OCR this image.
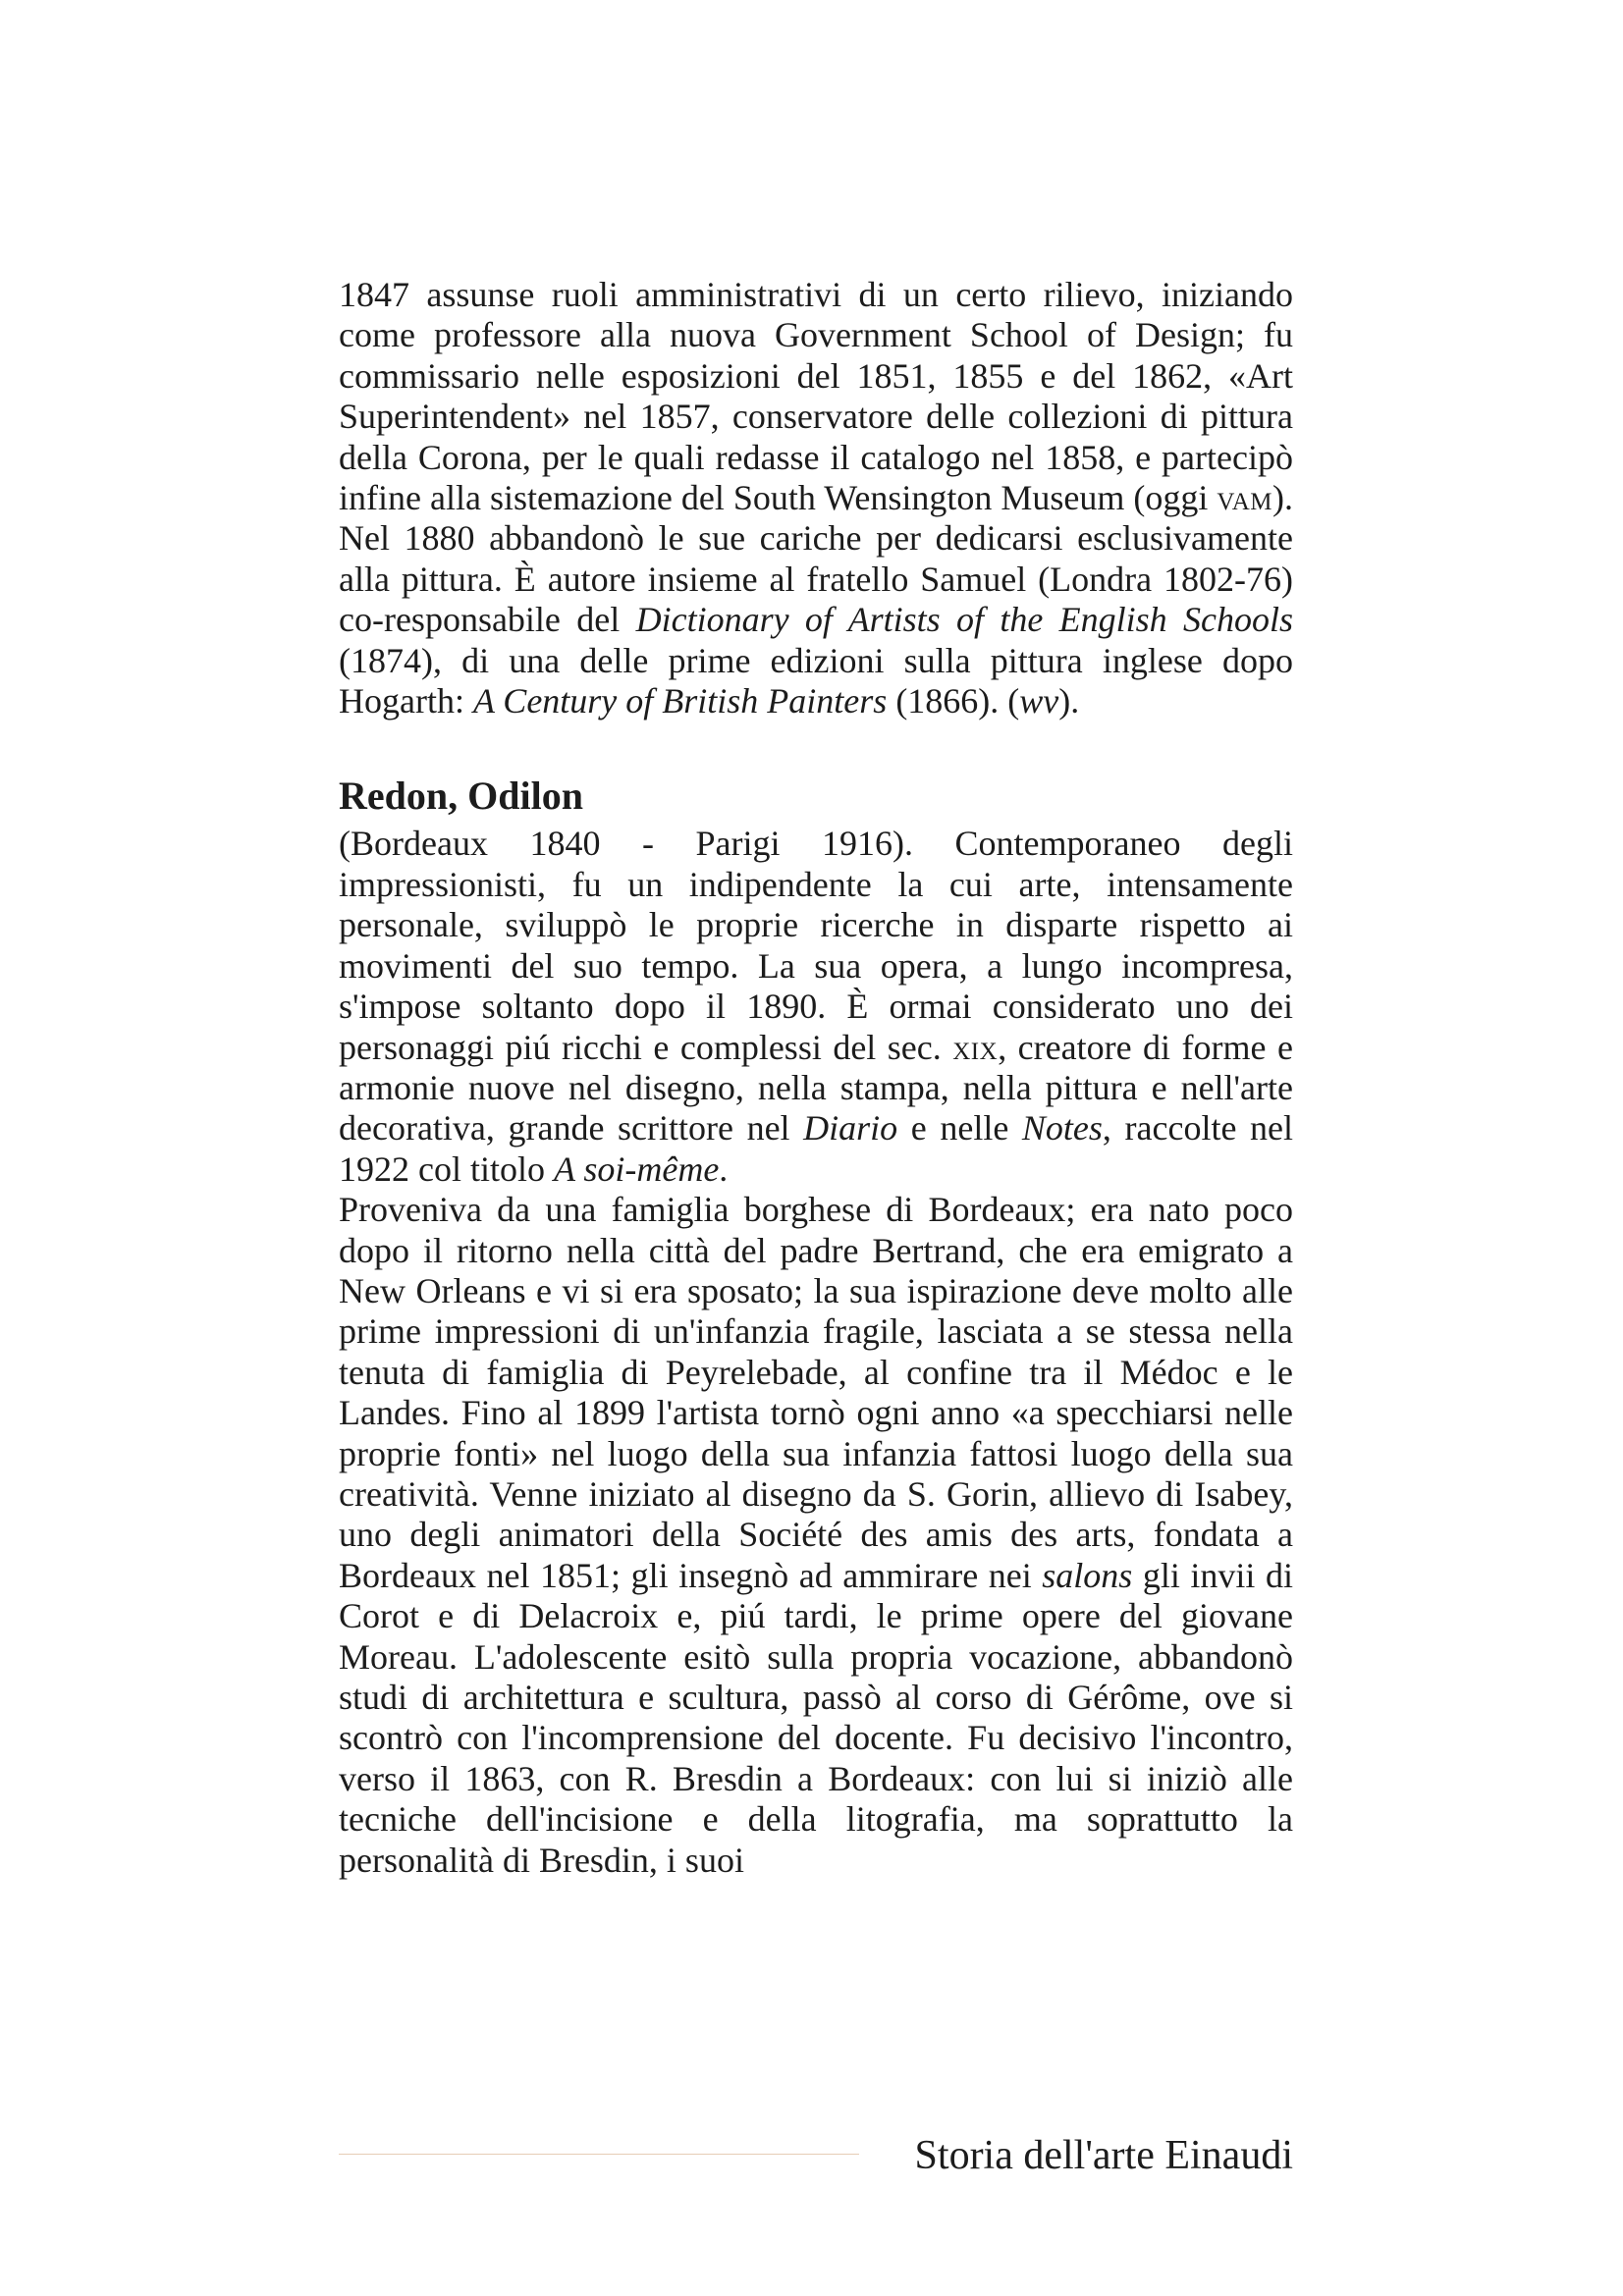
1847 assunse ruoli amministrativi di un certo rilievo, iniziando come professore alla nuova Government School of Design; fu commissario nelle esposizioni del 1851, 1855 e del 1862, «Art Superintendent» nel 1857, conservatore delle collezioni di pittura della Corona, per le quali redasse il catalogo nel 1858, e partecipò infine alla sistemazione del South Wensington Museum (oggi vam). Nel 1880 abbandonò le sue cariche per dedicarsi esclusivamente alla pittura. È autore insieme al fratello Samuel (Londra 1802-76) co-responsabile del Dictionary of Artists of the English Schools (1874), di una delle prime edizioni sulla pittura inglese dopo Hogarth: A Century of British Painters (1866). (wv).

Redon, Odilon

(Bordeaux 1840 - Parigi 1916). Contemporaneo degli impressionisti, fu un indipendente la cui arte, intensamente personale, sviluppò le proprie ricerche in disparte rispetto ai movimenti del suo tempo. La sua opera, a lungo incompresa, s'impose soltanto dopo il 1890. È ormai considerato uno dei personaggi piú ricchi e complessi del sec. xix, creatore di forme e armonie nuove nel disegno, nella stampa, nella pittura e nell'arte decorativa, grande scrittore nel Diario e nelle Notes, raccolte nel 1922 col titolo A soi-même.

Proveniva da una famiglia borghese di Bordeaux; era nato poco dopo il ritorno nella città del padre Bertrand, che era emigrato a New Orleans e vi si era sposato; la sua ispirazione deve molto alle prime impressioni di un'infanzia fragile, lasciata a se stessa nella tenuta di famiglia di Peyrelebade, al confine tra il Médoc e le Landes. Fino al 1899 l'artista tornò ogni anno «a specchiarsi nelle proprie fonti» nel luogo della sua infanzia fattosi luogo della sua creatività. Venne iniziato al disegno da S. Gorin, allievo di Isabey, uno degli animatori della Société des amis des arts, fondata a Bordeaux nel 1851; gli insegnò ad ammirare nei salons gli invii di Corot e di Delacroix e, piú tardi, le prime opere del giovane Moreau. L'adolescente esitò sulla propria vocazione, abbandonò studi di architettura e scultura, passò al corso di Gérôme, ove si scontrò con l'incomprensione del docente. Fu decisivo l'incontro, verso il 1863, con R. Bresdin a Bordeaux: con lui si iniziò alle tecniche dell'incisione e della litografia, ma soprattutto la personalità di Bresdin, i suoi

Storia dell'arte Einaudi
